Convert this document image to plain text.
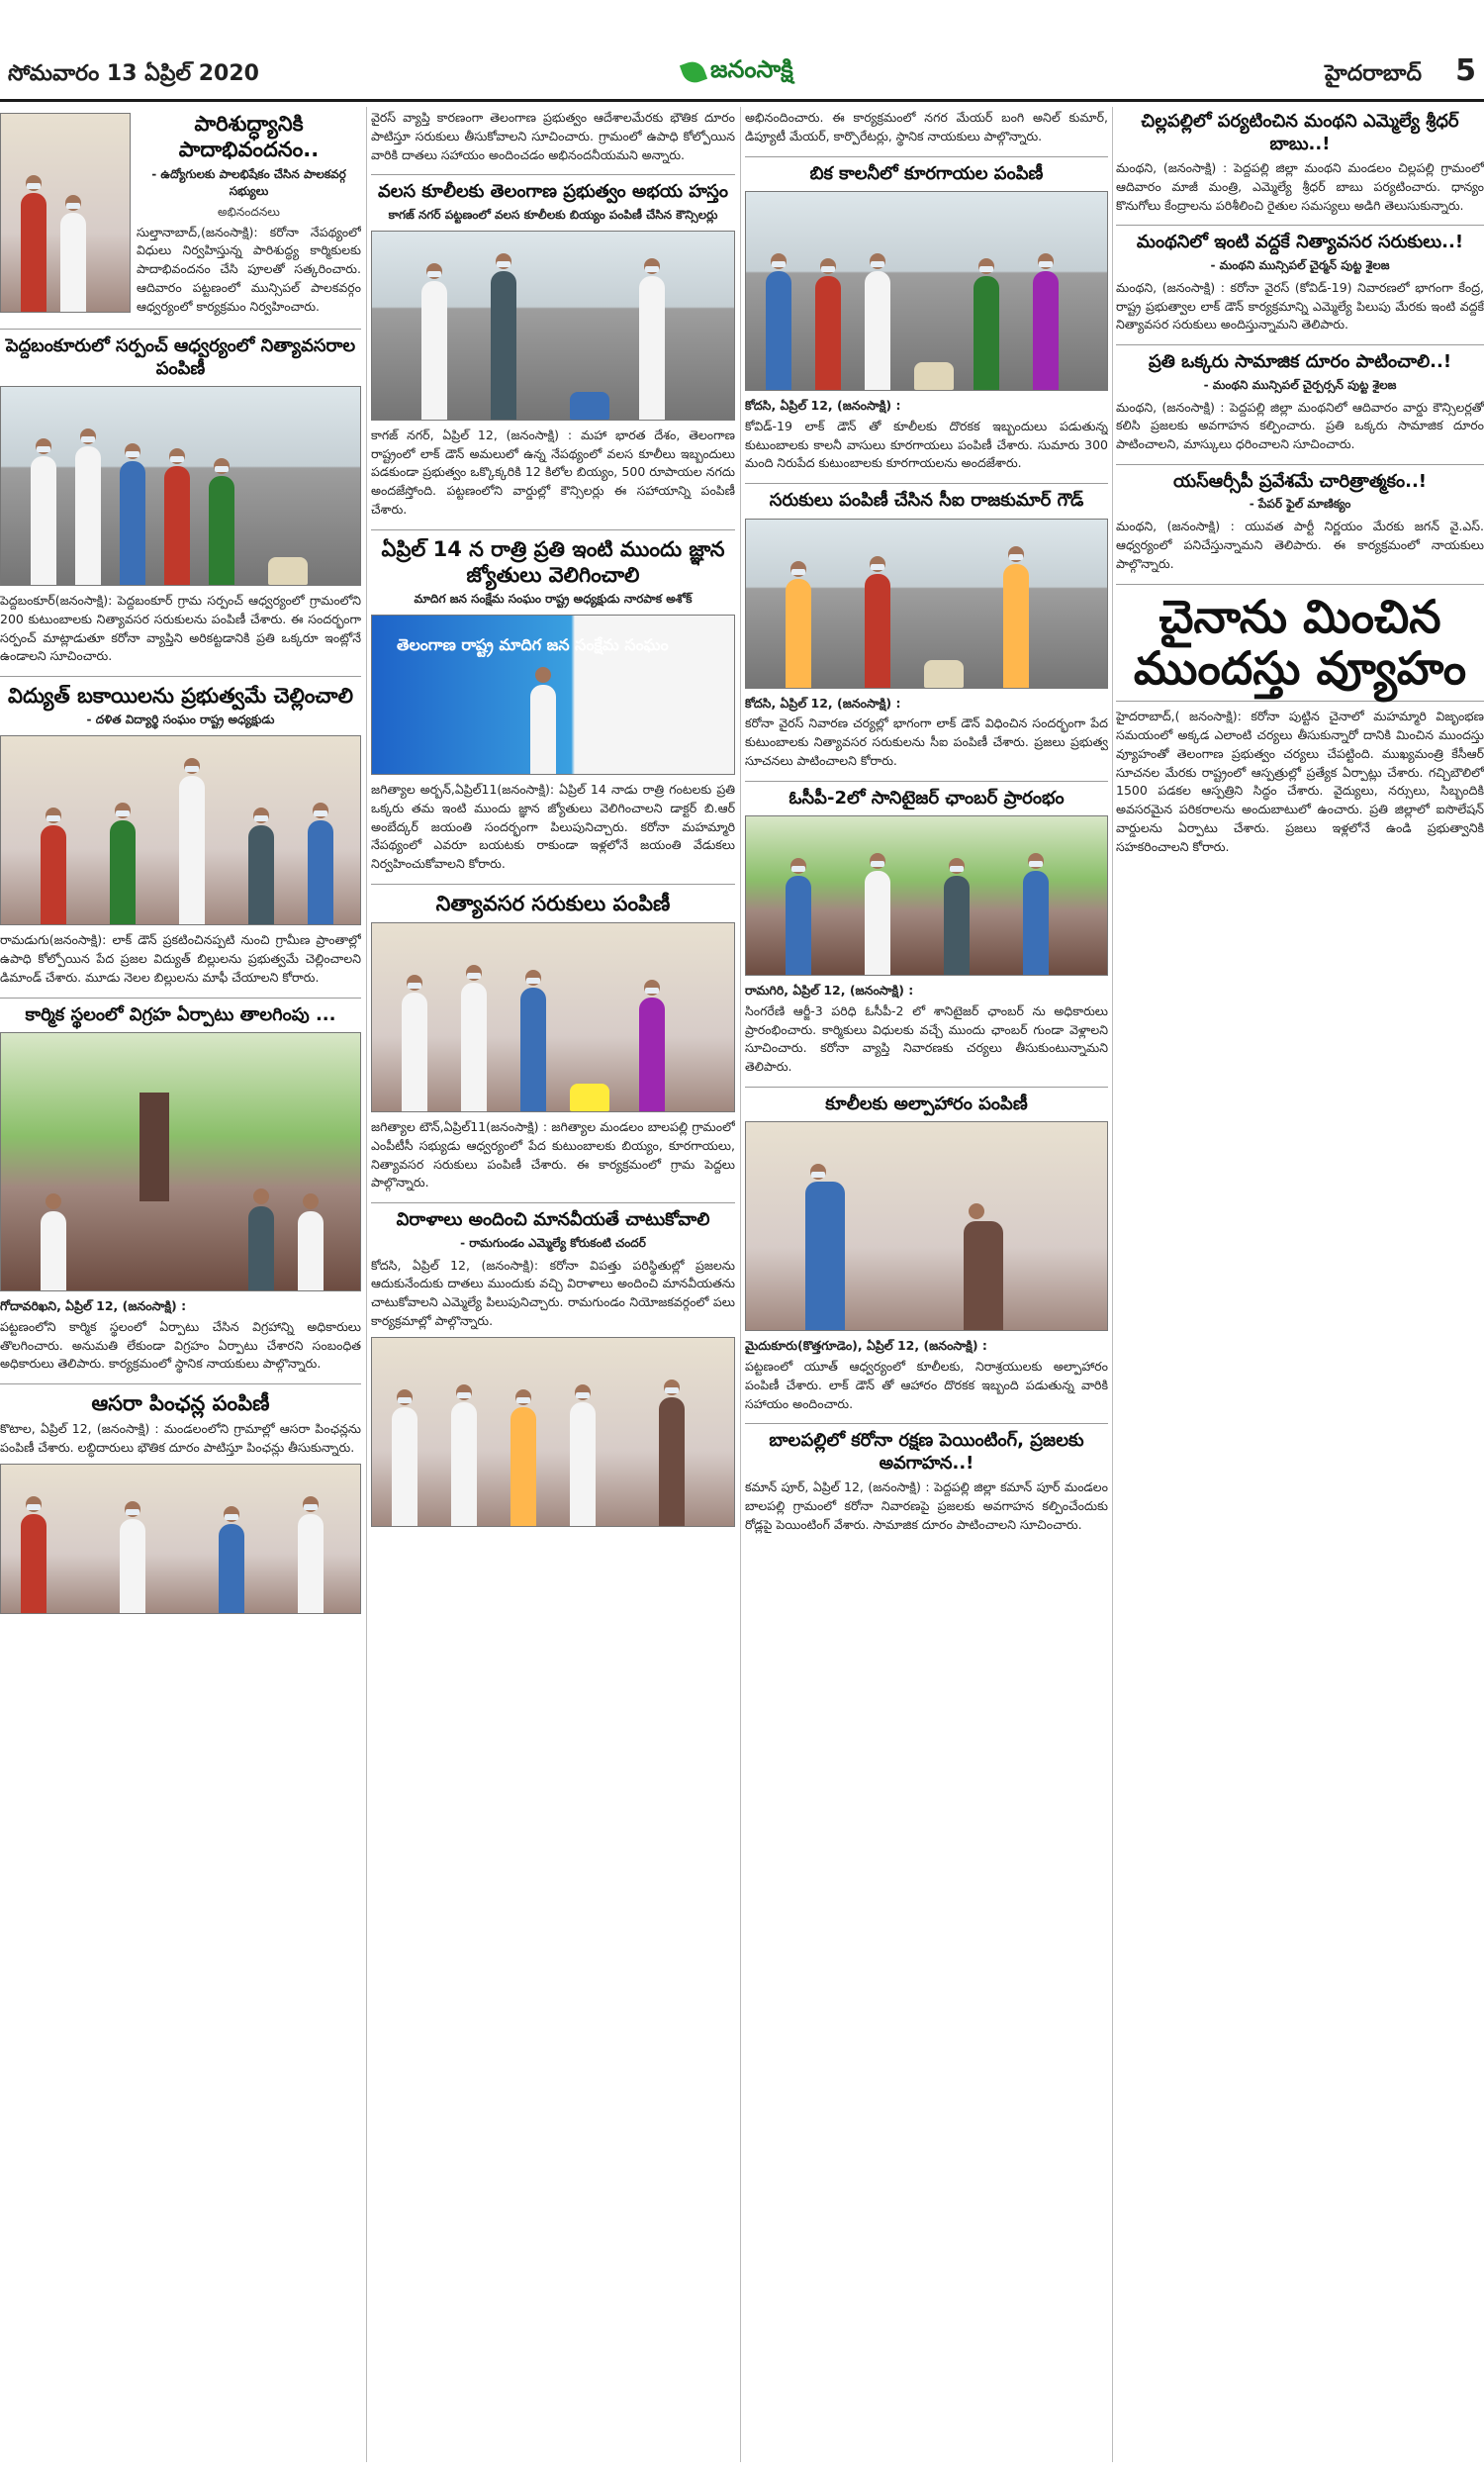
సోమవారం 13 ఏప్రిల్ 2020	జనంసాక్షి	హైదరాబాద్	5
పారిశుద్ధ్యానికి పాదాభివందనం..
- ఉద్యోగులకు పాలభిషేకం చేసిన పాలకవర్గ సభ్యులు
అభినందనలు
సుల్తానాబాద్,(జనంసాక్షి): కరోనా నేపథ్యంలో విధులు నిర్వహిస్తున్న పారిశుద్ధ్య కార్మికులకు పాదాభివందనం చేసి పూలతో సత్కరించారు. ఆదివారం పట్టణంలో మున్సిపల్ పాలకవర్గం ఆధ్వర్యంలో కార్యక్రమం నిర్వహించారు.
పెద్దబంకూరులో సర్పంచ్ ఆధ్వర్యంలో నిత్యావసరాల పంపిణీ
పెద్దబంకూర్(జనంసాక్షి): పెద్దబంకూర్ గ్రామ సర్పంచ్ ఆధ్వర్యంలో గ్రామంలోని 200 కుటుంబాలకు నిత్యావసర సరుకులను పంపిణీ చేశారు. ఈ సందర్భంగా సర్పంచ్ మాట్లాడుతూ కరోనా వ్యాప్తిని అరికట్టడానికి ప్రతి ఒక్కరూ ఇంట్లోనే ఉండాలని సూచించారు.
విద్యుత్ బకాయిలను ప్రభుత్వమే చెల్లించాలి
- దళిత విద్యార్థి సంఘం రాష్ట్ర అధ్యక్షుడు
రామడుగు(జనంసాక్షి): లాక్ డౌన్ ప్రకటించినప్పటి నుంచి గ్రామీణ ప్రాంతాల్లో ఉపాధి కోల్పోయిన పేద ప్రజల విద్యుత్ బిల్లులను ప్రభుత్వమే చెల్లించాలని డిమాండ్ చేశారు. మూడు నెలల బిల్లులను మాఫీ చేయాలని కోరారు.
కార్మిక స్థలంలో విగ్రహ ఏర్పాటు తాలగింపు ...
గోదావరిఖని, ఏప్రిల్ 12, (జనంసాక్షి) :
పట్టణంలోని కార్మిక స్థలంలో ఏర్పాటు చేసిన విగ్రహాన్ని అధికారులు తొలగించారు. అనుమతి లేకుండా విగ్రహం ఏర్పాటు చేశారని సంబంధిత అధికారులు తెలిపారు. కార్యక్రమంలో స్థానిక నాయకులు పాల్గొన్నారు.
ఆసరా పింఛన్ల పంపిణీ
కొటాల, ఏప్రిల్ 12, (జనంసాక్షి) : మండలంలోని గ్రామాల్లో ఆసరా పింఛన్లను పంపిణీ చేశారు. లబ్ధిదారులు భౌతిక దూరం పాటిస్తూ పింఛన్లు తీసుకున్నారు.
వైరస్ వ్యాప్తి కారణంగా తెలంగాణ ప్రభుత్వం ఆదేశాలమేరకు భౌతిక దూరం పాటిస్తూ సరుకులు తీసుకోవాలని సూచించారు. గ్రామంలో ఉపాధి కోల్పోయిన వారికి దాతలు సహాయం అందించడం అభినందనీయమని అన్నారు.
వలస కూలీలకు తెలంగాణ ప్రభుత్వం అభయ హస్తం
కాగజ్ నగర్ పట్టణంలో వలస కూలీలకు బియ్యం పంపిణీ చేసిన కౌన్సిలర్లు
కాగజ్ నగర్, ఏప్రిల్ 12, (జనంసాక్షి) : మహా భారత దేశం, తెలంగాణ రాష్ట్రంలో లాక్ డౌన్ అమలులో ఉన్న నేపథ్యంలో వలస కూలీలు ఇబ్బందులు పడకుండా ప్రభుత్వం ఒక్కొక్కరికి 12 కిలోల బియ్యం, 500 రూపాయల నగదు అందజేస్తోంది. పట్టణంలోని వార్డుల్లో కౌన్సిలర్లు ఈ సహాయాన్ని పంపిణీ చేశారు.
ఏప్రిల్ 14 న రాత్రి ప్రతి ఇంటి ముందు జ్ఞాన జ్యోతులు వెలిగించాలి
మాదిగ జన సంక్షేమ సంఘం రాష్ట్ర అధ్యక్షుడు నారపాక అశోక్
తెలంగాణ రాష్ట్ర మాదిగ జన సంక్షేమ సంఘం
జగిత్యాల అర్బన్,ఏప్రిల్11(జనంసాక్షి): ఏప్రిల్ 14 నాడు రాత్రి గంటలకు ప్రతి ఒక్కరు తమ ఇంటి ముందు జ్ఞాన జ్యోతులు వెలిగించాలని డాక్టర్ బి.ఆర్ అంబేద్కర్ జయంతి సందర్భంగా పిలుపునిచ్చారు. కరోనా మహమ్మారి నేపథ్యంలో ఎవరూ బయటకు రాకుండా ఇళ్లలోనే జయంతి వేడుకలు నిర్వహించుకోవాలని కోరారు.
నిత్యావసర సరుకులు పంపిణీ
జగిత్యాల టౌన్,ఏప్రిల్11(జనంసాక్షి) : జగిత్యాల మండలం బాలపల్లి గ్రామంలో ఎంపీటీసీ సభ్యుడు ఆధ్వర్యంలో పేద కుటుంబాలకు బియ్యం, కూరగాయలు, నిత్యావసర సరుకులు పంపిణీ చేశారు. ఈ కార్యక్రమంలో గ్రామ పెద్దలు పాల్గొన్నారు.
విరాళాలు అందించి మానవీయతే చాటుకోవాలి
- రామగుండం ఎమ్మెల్యే కోరుకంటి చందర్
కోదసి, ఏప్రిల్ 12, (జనంసాక్షి): కరోనా విపత్తు పరిస్థితుల్లో ప్రజలను ఆదుకునేందుకు దాతలు ముందుకు వచ్చి విరాళాలు అందించి మానవీయతను చాటుకోవాలని ఎమ్మెల్యే పిలుపునిచ్చారు. రామగుండం నియోజకవర్గంలో పలు కార్యక్రమాల్లో పాల్గొన్నారు.
అభినందించారు. ఈ కార్యక్రమంలో నగర మేయర్ బంగి అనిల్ కుమార్, డిప్యూటీ మేయర్, కార్పొరేటర్లు, స్థానిక నాయకులు పాల్గొన్నారు.
బిక కాలనీలో కూరగాయల పంపిణీ
కోదసి, ఏప్రిల్ 12, (జనంసాక్షి) :
కోవిడ్-19 లాక్ డౌన్ తో కూలీలకు దొరకక ఇబ్బందులు పడుతున్న కుటుంబాలకు కాలనీ వాసులు కూరగాయలు పంపిణీ చేశారు. సుమారు 300 మంది నిరుపేద కుటుంబాలకు కూరగాయలను అందజేశారు.
సరుకులు పంపిణీ చేసిన సీఐ రాజకుమార్ గౌడ్
కోదసి, ఏప్రిల్ 12, (జనంసాక్షి) :
కరోనా వైరస్ నివారణ చర్యల్లో భాగంగా లాక్ డౌన్ విధించిన సందర్భంగా పేద కుటుంబాలకు నిత్యావసర సరుకులను సీఐ పంపిణీ చేశారు. ప్రజలు ప్రభుత్వ సూచనలు పాటించాలని కోరారు.
ఓసీపీ-2లో సానిటైజర్ ఛాంబర్ ప్రారంభం
రామగిరి, ఏప్రిల్ 12, (జనంసాక్షి) :
సింగరేణి ఆర్జీ-3 పరిధి ఓసీపీ-2 లో శానిటైజర్ ఛాంబర్ ను అధికారులు ప్రారంభించారు. కార్మికులు విధులకు వచ్చే ముందు ఛాంబర్ గుండా వెళ్లాలని సూచించారు. కరోనా వ్యాప్తి నివారణకు చర్యలు తీసుకుంటున్నామని తెలిపారు.
కూలీలకు అల్పాహారం పంపిణీ
మైదుకూరు(కొత్తగూడెం), ఏప్రిల్ 12, (జనంసాక్షి) :
పట్టణంలో యూత్ ఆధ్వర్యంలో కూలీలకు, నిరాశ్రయులకు అల్పాహారం పంపిణీ చేశారు. లాక్ డౌన్ తో ఆహారం దొరకక ఇబ్బంది పడుతున్న వారికి సహాయం అందించారు.
బాలపల్లిలో కరోనా రక్షణ పెయింటింగ్, ప్రజలకు అవగాహన..!
కమాన్ పూర్, ఏప్రిల్ 12, (జనంసాక్షి) : పెద్దపల్లి జిల్లా కమాన్ పూర్ మండలం బాలపల్లి గ్రామంలో కరోనా నివారణపై ప్రజలకు అవగాహన కల్పించేందుకు రోడ్లపై పెయింటింగ్ వేశారు. సామాజిక దూరం పాటించాలని సూచించారు.
చిల్లపల్లిలో పర్యటించిన మంథని ఎమ్మెల్యే శ్రీధర్ బాబు..!
మంథని, (జనంసాక్షి) : పెద్దపల్లి జిల్లా మంథని మండలం చిల్లపల్లి గ్రామంలో ఆదివారం మాజీ మంత్రి, ఎమ్మెల్యే శ్రీధర్ బాబు పర్యటించారు. ధాన్యం కొనుగోలు కేంద్రాలను పరిశీలించి రైతుల సమస్యలు అడిగి తెలుసుకున్నారు.
మంథనిలో ఇంటి వద్దకే నిత్యావసర సరుకులు..!
- మంథని మున్సిపల్ చైర్మన్ పుట్ట శైలజ
మంథని, (జనంసాక్షి) : కరోనా వైరస్ (కోవిడ్-19) నివారణలో భాగంగా కేంద్ర, రాష్ట్ర ప్రభుత్వాల లాక్ డౌన్ కార్యక్రమాన్ని ఎమ్మెల్యే పిలుపు మేరకు ఇంటి వద్దకే నిత్యావసర సరుకులు అందిస్తున్నామని తెలిపారు.
ప్రతి ఒక్కరు సామాజిక దూరం పాటించాలి..!
- మంథని మున్సిపల్ చైర్పర్సన్ పుట్ట శైలజ
మంథని, (జనంసాక్షి) : పెద్దపల్లి జిల్లా మంథనిలో ఆదివారం వార్డు కౌన్సిలర్లతో కలిసి ప్రజలకు అవగాహన కల్పించారు. ప్రతి ఒక్కరు సామాజిక దూరం పాటించాలని, మాస్కులు ధరించాలని సూచించారు.
యస్ఆర్సీపీ ప్రవేశమే చారిత్రాత్మకం..!
- పేపర్ ఫైల్ మాణిక్యం
మంథని, (జనంసాక్షి) : యువత పార్టీ నిర్ణయం మేరకు జగన్ వై.ఎస్. ఆధ్వర్యంలో పనిచేస్తున్నామని తెలిపారు. ఈ కార్యక్రమంలో నాయకులు పాల్గొన్నారు.
చైనాను మించిన ముందస్తు వ్యూహం
హైదరాబాద్,( జనంసాక్షి): కరోనా పుట్టిన చైనాలో మహమ్మారి విజృంభణ సమయంలో అక్కడ ఎలాంటి చర్యలు తీసుకున్నారో దానికి మించిన ముందస్తు వ్యూహంతో తెలంగాణ ప్రభుత్వం చర్యలు చేపట్టింది. ముఖ్యమంత్రి కేసీఆర్ సూచనల మేరకు రాష్ట్రంలో ఆస్పత్రుల్లో ప్రత్యేక ఏర్పాట్లు చేశారు. గచ్చిబౌలిలో 1500 పడకల ఆస్పత్రిని సిద్ధం చేశారు. వైద్యులు, నర్సులు, సిబ్బందికి అవసరమైన పరికరాలను అందుబాటులో ఉంచారు. ప్రతి జిల్లాలో ఐసొలేషన్ వార్డులను ఏర్పాటు చేశారు. ప్రజలు ఇళ్లలోనే ఉండి ప్రభుత్వానికి సహకరించాలని కోరారు.
